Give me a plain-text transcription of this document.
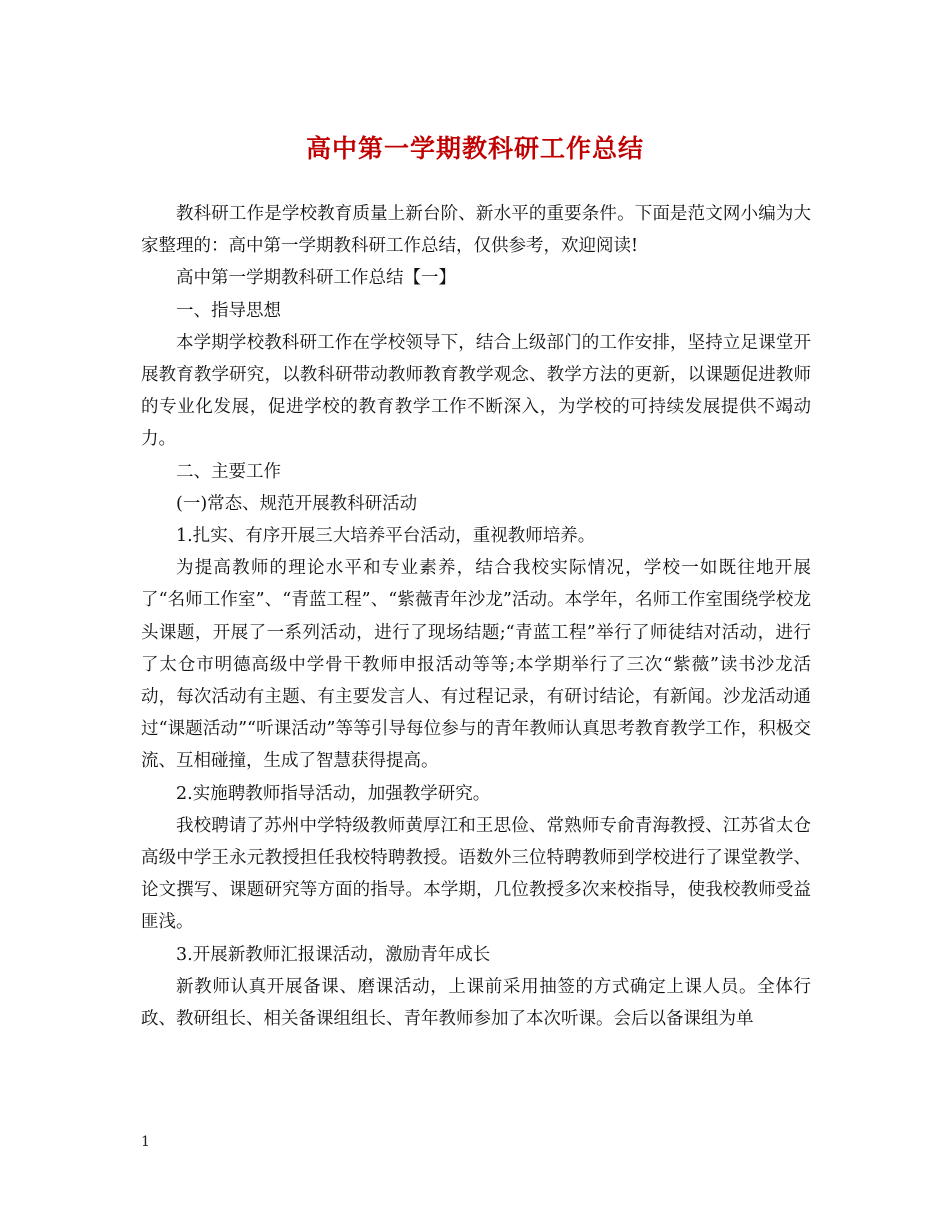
高中第一学期教科研工作总结

教科研工作是学校教育质量上新台阶、新水平的重要条件。下面是范文网小编为大家整理的：高中第一学期教科研工作总结，仅供参考，欢迎阅读!

高中第一学期教科研工作总结【一】

一、指导思想

本学期学校教科研工作在学校领导下，结合上级部门的工作安排，坚持立足课堂开展教育教学研究，以教科研带动教师教育教学观念、教学方法的更新，以课题促进教师的专业化发展，促进学校的教育教学工作不断深入，为学校的可持续发展提供不竭动力。

二、主要工作

(一)常态、规范开展教科研活动

1.扎实、有序开展三大培养平台活动，重视教师培养。

为提高教师的理论水平和专业素养，结合我校实际情况，学校一如既往地开展了“名师工作室”、“青蓝工程”、“紫薇青年沙龙”活动。本学年，名师工作室围绕学校龙头课题，开展了一系列活动，进行了现场结题;“青蓝工程”举行了师徒结对活动，进行了太仓市明德高级中学骨干教师申报活动等等;本学期举行了三次“紫薇”读书沙龙活动，每次活动有主题、有主要发言人、有过程记录，有研讨结论，有新闻。沙龙活动通过“课题活动”“听课活动”等等引导每位参与的青年教师认真思考教育教学工作，积极交流、互相碰撞，生成了智慧获得提高。

2.实施聘教师指导活动，加强教学研究。

我校聘请了苏州中学特级教师黄厚江和王思俭、常熟师专俞青海教授、江苏省太仓高级中学王永元教授担任我校特聘教授。语数外三位特聘教师到学校进行了课堂教学、论文撰写、课题研究等方面的指导。本学期，几位教授多次来校指导，使我校教师受益匪浅。

3.开展新教师汇报课活动，激励青年成长

新教师认真开展备课、磨课活动，上课前采用抽签的方式确定上课人员。全体行政、教研组长、相关备课组组长、青年教师参加了本次听课。会后以备课组为单

1
